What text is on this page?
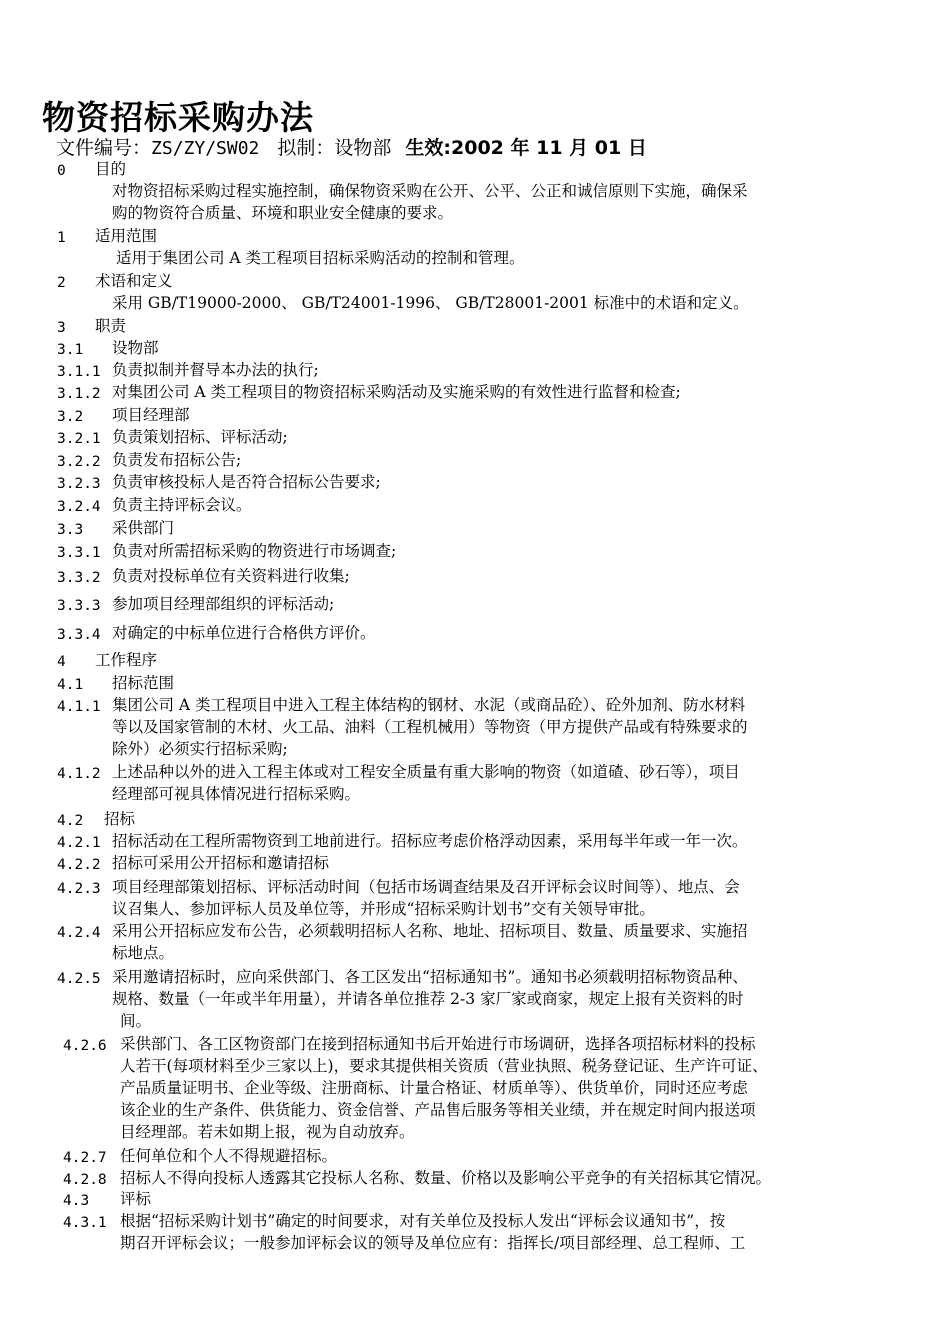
物资招标采购办法
文件编号：ZS/ZY/SW02 拟制：设物部 生效:2002 年 11 月 01 日
0 目的
对物资招标采购过程实施控制，确保物资采购在公开、公平、公正和诚信原则下实施，确保采
购的物资符合质量、环境和职业安全健康的要求。
1 适用范围
适用于集团公司 A 类工程项目招标采购活动的控制和管理。
2 术语和定义
采用 GB/T19000-2000、 GB/T24001-1996、 GB/T28001-2001 标准中的术语和定义。
3 职责
3.1 设物部
3.1.1 负责拟制并督导本办法的执行;
3.1.2 对集团公司 A 类工程项目的物资招标采购活动及实施采购的有效性进行监督和检查;
3.2 项目经理部
3.2.1 负责策划招标、评标活动;
3.2.2 负责发布招标公告;
3.2.3 负责审核投标人是否符合招标公告要求;
3.2.4 负责主持评标会议。
3.3 采供部门
3.3.1 负责对所需招标采购的物资进行市场调查;
3.3.2 负责对投标单位有关资料进行收集;
3.3.3 参加项目经理部组织的评标活动;
3.3.4 对确定的中标单位进行合格供方评价。
4 工作程序
4.1 招标范围
4.1.1 集团公司 A 类工程项目中进入工程主体结构的钢材、水泥（或商品砼）、砼外加剂、防水材料
等以及国家管制的木材、火工品、油料（工程机械用）等物资（甲方提供产品或有特殊要求的
除外）必须实行招标采购;
4.1.2 上述品种以外的进入工程主体或对工程安全质量有重大影响的物资（如道碴、砂石等），项目
经理部可视具体情况进行招标采购。
4.2 招标
4.2.1 招标活动在工程所需物资到工地前进行。招标应考虑价格浮动因素，采用每半年或一年一次。
4.2.2 招标可采用公开招标和邀请招标
4.2.3 项目经理部策划招标、评标活动时间（包括市场调查结果及召开评标会议时间等）、地点、会
议召集人、参加评标人员及单位等，并形成“招标采购计划书”交有关领导审批。
4.2.4 采用公开招标应发布公告，必须载明招标人名称、地址、招标项目、数量、质量要求、实施招
标地点。
4.2.5 采用邀请招标时，应向采供部门、各工区发出“招标通知书”。通知书必须载明招标物资品种、
规格、数量（一年或半年用量），并请各单位推荐 2-3 家厂家或商家，规定上报有关资料的时
间。
4.2.6 采供部门、各工区物资部门在接到招标通知书后开始进行市场调研，选择各项招标材料的投标
人若干(每项材料至少三家以上)，要求其提供相关资质（营业执照、税务登记证、生产许可证、
产品质量证明书、企业等级、注册商标、计量合格证、材质单等）、供货单价，同时还应考虑
该企业的生产条件、供货能力、资金信誉、产品售后服务等相关业绩，并在规定时间内报送项
目经理部。若未如期上报，视为自动放弃。
4.2.7 任何单位和个人不得规避招标。
4.2.8 招标人不得向投标人透露其它投标人名称、数量、价格以及影响公平竞争的有关招标其它情况。
4.3 评标
4.3.1 根据“招标采购计划书”确定的时间要求，对有关单位及投标人发出“评标会议通知书”，按
期召开评标会议；一般参加评标会议的领导及单位应有：指挥长/项目部经理、总工程师、工
